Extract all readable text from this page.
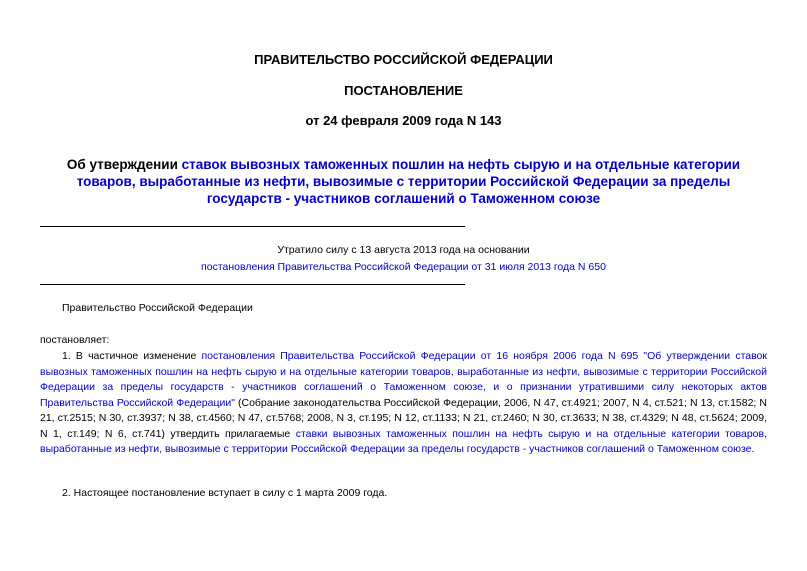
ПРАВИТЕЛЬСТВО РОССИЙСКОЙ ФЕДЕРАЦИИ
ПОСТАНОВЛЕНИЕ
от 24 февраля 2009 года N 143
Об утверждении ставок вывозных таможенных пошлин на нефть сырую и на отдельные категории товаров, выработанные из нефти, вывозимые с территории Российской Федерации за пределы государств - участников соглашений о Таможенном союзе
Утратило силу с 13 августа 2013 года на основании
постановления Правительства Российской Федерации от 31 июля 2013 года N 650
Правительство Российской Федерации
постановляет:
1. В частичное изменение постановления Правительства Российской Федерации от 16 ноября 2006 года N 695 "Об утверждении ставок вывозных таможенных пошлин на нефть сырую и на отдельные категории товаров, выработанные из нефти, вывозимые с территории Российской Федерации за пределы государств - участников соглашений о Таможенном союзе, и о признании утратившими силу некоторых актов Правительства Российской Федерации" (Собрание законодательства Российской Федерации, 2006, N 47, ст.4921; 2007, N 4, ст.521; N 13, ст.1582; N 21, ст.2515; N 30, ст.3937; N 38, ст.4560; N 47, ст.5768; 2008, N 3, ст.195; N 12, ст.1133; N 21, ст.2460; N 30, ст.3633; N 38, ст.4329; N 48, ст.5624; 2009, N 1, ст.149; N 6, ст.741) утвердить прилагаемые ставки вывозных таможенных пошлин на нефть сырую и на отдельные категории товаров, выработанные из нефти, вывозимые с территории Российской Федерации за пределы государств - участников соглашений о Таможенном союзе.
2. Настоящее постановление вступает в силу с 1 марта 2009 года.
